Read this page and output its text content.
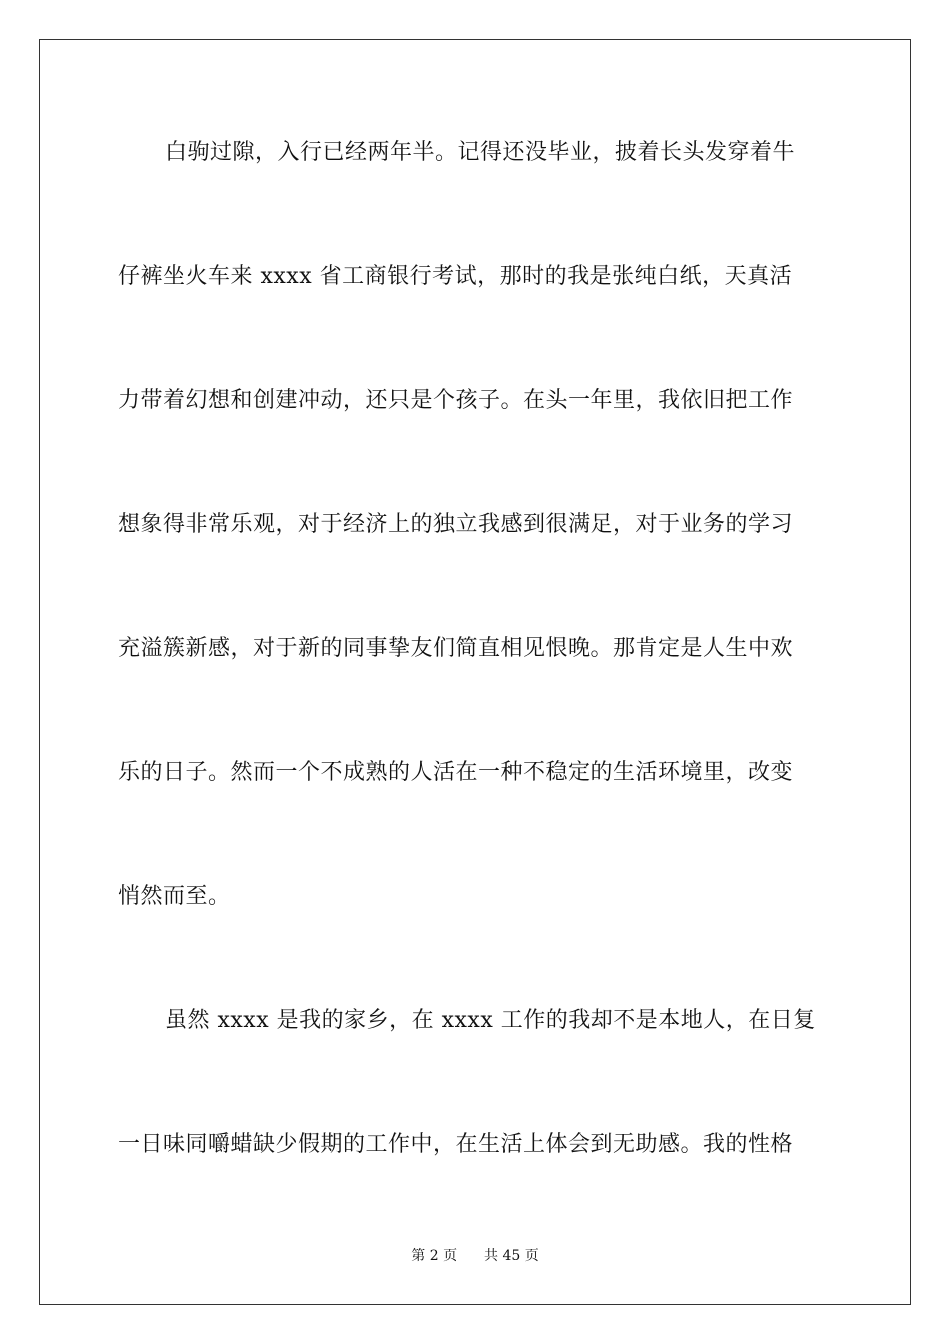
白驹过隙，入行已经两年半。记得还没毕业，披着长头发穿着牛
仔裤坐火车来 xxxx 省工商银行考试，那时的我是张纯白纸，天真活
力带着幻想和创建冲动，还只是个孩子。在头一年里，我依旧把工作
想象得非常乐观，对于经济上的独立我感到很满足，对于业务的学习
充溢簇新感，对于新的同事挚友们简直相见恨晚。那肯定是人生中欢
乐的日子。然而一个不成熟的人活在一种不稳定的生活环境里，改变
悄然而至。
虽然 xxxx 是我的家乡，在 xxxx 工作的我却不是本地人，在日复
一日味同嚼蜡缺少假期的工作中，在生活上体会到无助感。我的性格
第 2 页 共 45 页
